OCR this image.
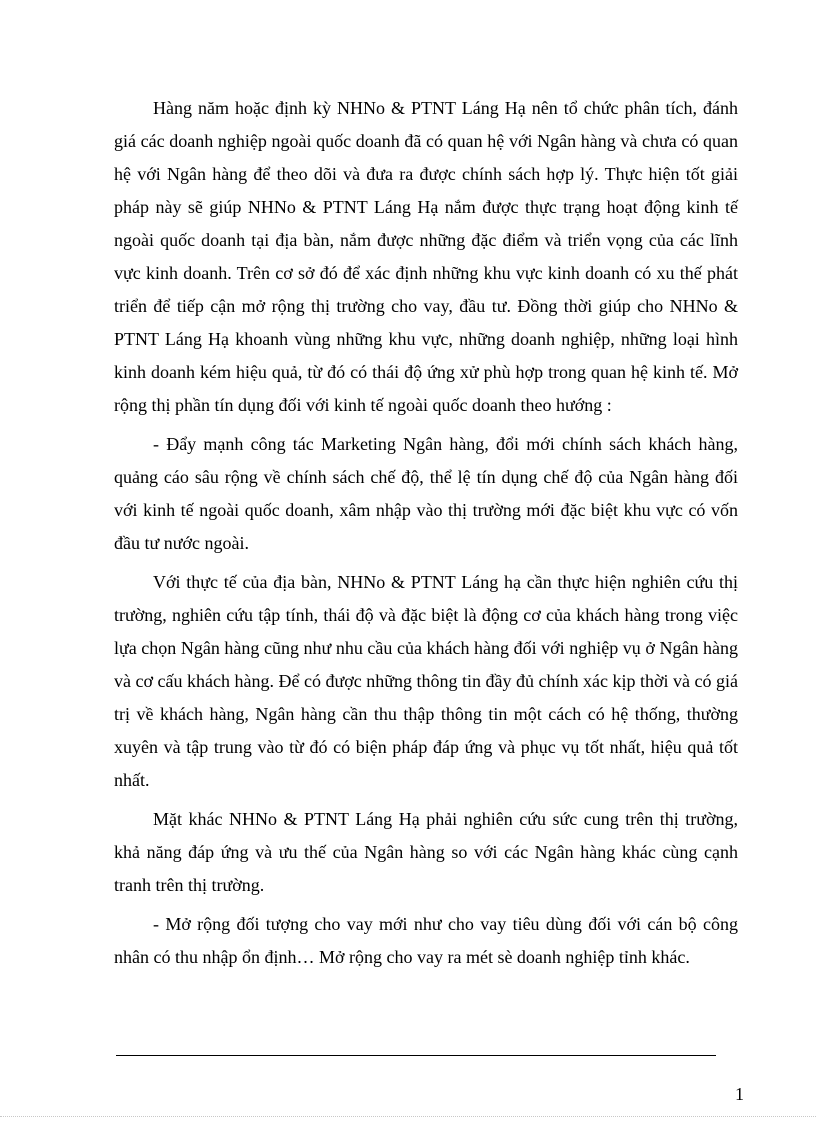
Hàng năm hoặc định kỳ NHNo & PTNT Láng Hạ nên tổ chức phân tích, đánh giá các doanh nghiệp ngoài quốc doanh đã có quan hệ với Ngân hàng và chưa có quan hệ với Ngân hàng để theo dõi và đưa ra được chính sách hợp lý. Thực hiện tốt giải pháp này sẽ giúp NHNo & PTNT Láng Hạ nắm được thực trạng hoạt động kinh tế ngoài quốc doanh tại địa bàn, nắm được những đặc điểm và triển vọng của các lĩnh vực kinh doanh. Trên cơ sở đó để xác định những khu vực kinh doanh có xu thế phát triển để tiếp cận mở rộng thị trường cho vay, đầu tư. Đồng thời giúp cho NHNo & PTNT Láng Hạ khoanh vùng những khu vực, những doanh nghiệp, những loại hình kinh doanh kém hiệu quả, từ đó có thái độ ứng xử phù hợp trong quan hệ kinh tế. Mở rộng thị phần tín dụng đối với kinh tế ngoài quốc doanh theo hướng :

- Đẩy mạnh công tác Marketing Ngân hàng, đổi mới chính sách khách hàng, quảng cáo sâu rộng về chính sách chế độ, thể lệ tín dụng chế độ của Ngân hàng đối với kinh tế ngoài quốc doanh, xâm nhập vào thị trường mới đặc biệt khu vực có vốn đầu tư nước ngoài.

Với thực tế của địa bàn, NHNo & PTNT Láng hạ cần thực hiện nghiên cứu thị trường, nghiên cứu tập tính, thái độ và đặc biệt là động cơ của khách hàng trong việc lựa chọn Ngân hàng cũng như nhu cầu của khách hàng đối với nghiệp vụ ở Ngân hàng và cơ cấu khách hàng. Để có được những thông tin đầy đủ chính xác kịp thời và có giá trị về khách hàng, Ngân hàng cần thu thập thông tin một cách có hệ thống, thường xuyên và tập trung vào từ đó có biện pháp đáp ứng và phục vụ tốt nhất, hiệu quả tốt nhất.

Mặt khác NHNo & PTNT Láng Hạ phải nghiên cứu sức cung trên thị trường, khả năng đáp ứng và ưu thế của Ngân hàng so với các Ngân hàng khác cùng cạnh tranh trên thị trường.

- Mở rộng đối tượng cho vay mới như cho vay tiêu dùng đối với cán bộ công nhân có thu nhập ổn định… Mở rộng cho vay ra mét sè doanh nghiệp tỉnh khác.

1
